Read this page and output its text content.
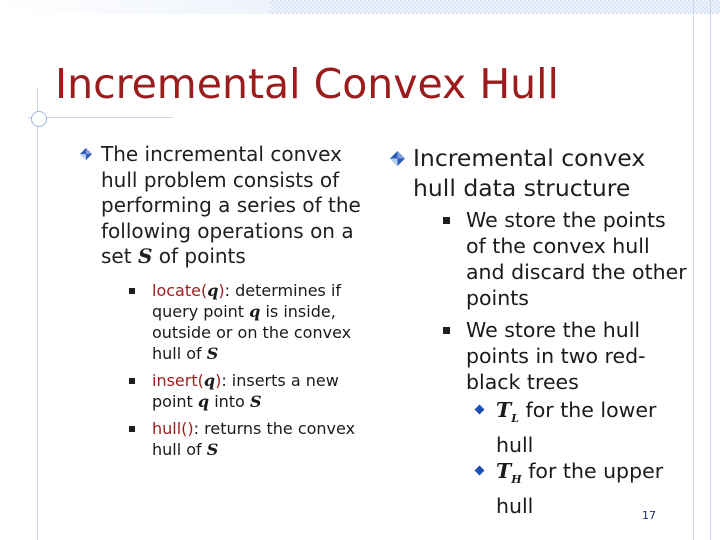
Incremental Convex Hull
The incremental convex hull problem consists of performing a series of the following operations on a set S of points
locate(q): determines if query point q is inside, outside or on the convex hull of S
insert(q): inserts a new point q into S
hull(): returns the convex hull of S
Incremental convex hull data structure
We store the points of the convex hull and discard the other points
We store the hull points in two red-black trees
$T_L$ for the lower hull
$T_H$ for the upper hull	17
